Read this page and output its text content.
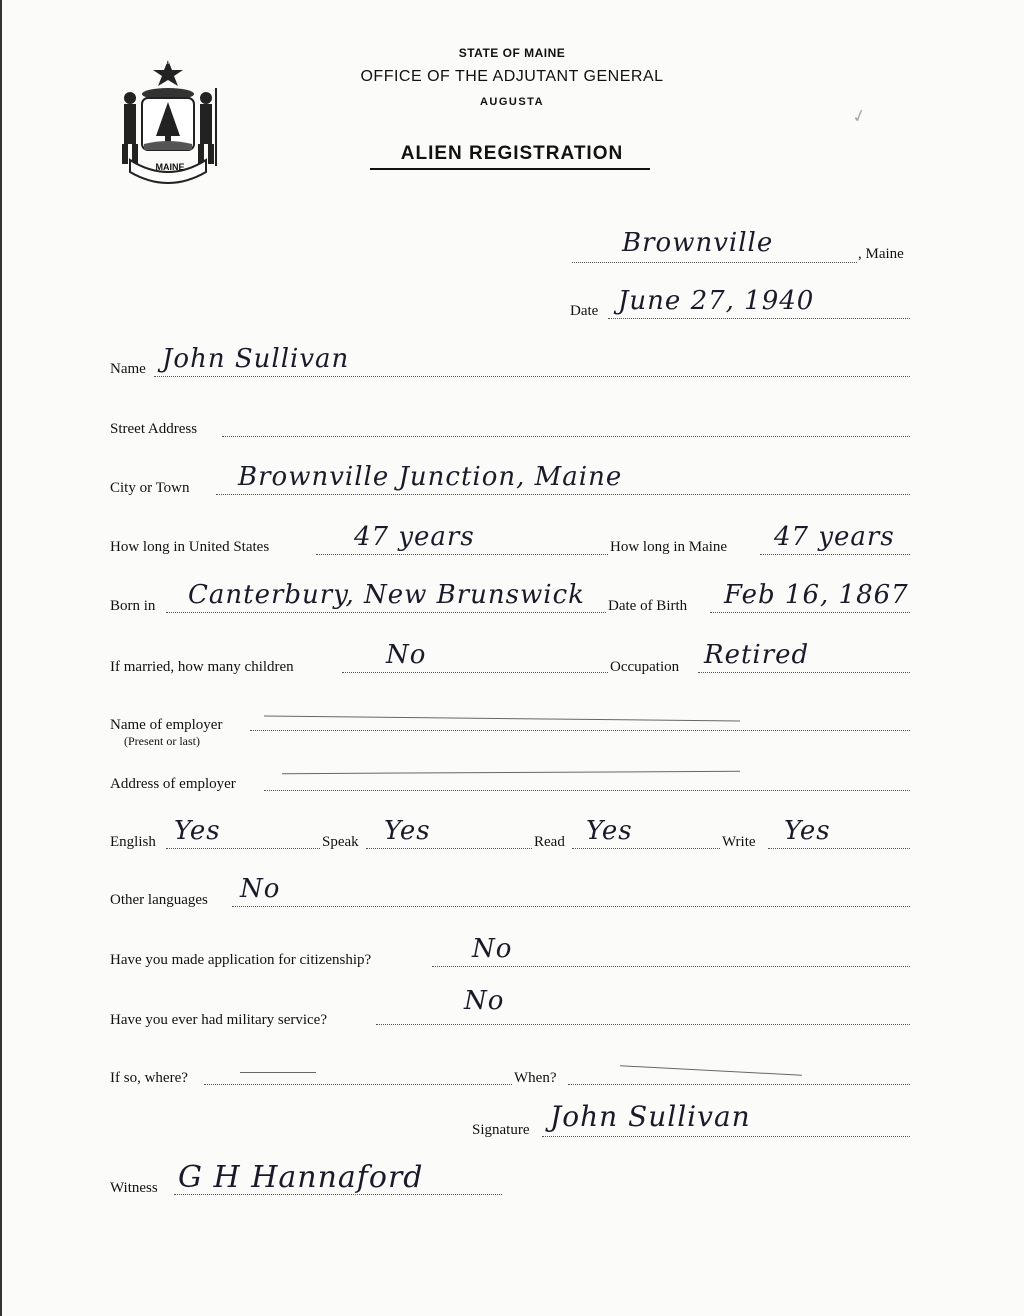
MAINE
DIRIGO
STATE OF MAINE
OFFICE OF THE ADJUTANT GENERAL
AUGUSTA
ALIEN REGISTRATION
✓
Brownville	, Maine
Date June 27, 1940
Name John Sullivan
Street Address
City or Town Brownville Junction, Maine
How long in United States	47 years	How long in Maine 47 years
Born in Canterbury, New Brunswick Date of Birth Feb 16, 1867
If married, how many children	No	Occupation Retired
Name of employer
(Present or last)
Address of employer
English Yes	Speak Yes	Read Yes	Write Yes
Other languages No
Have you made application for citizenship?	No
Have you ever had military service?
No
If so, where?	When?
Signature John Sullivan
Witness G H Hannaford
